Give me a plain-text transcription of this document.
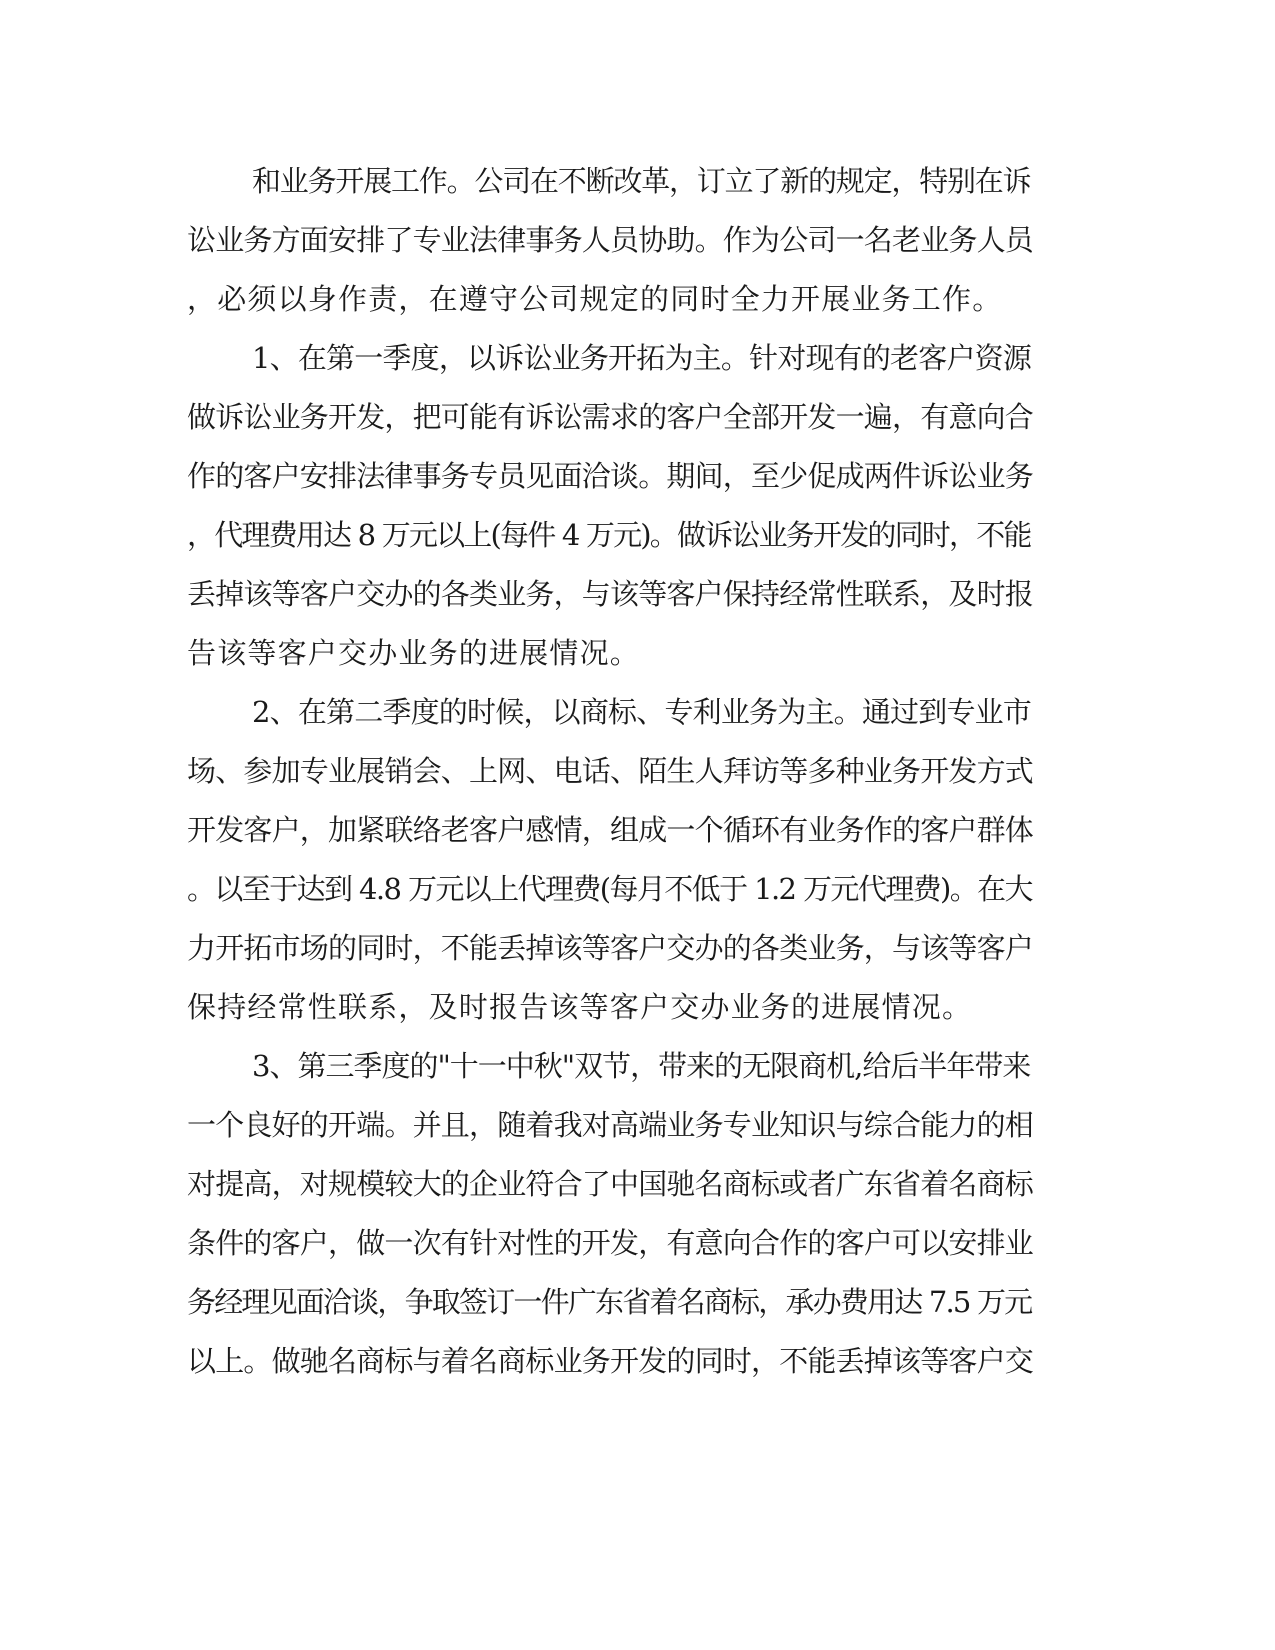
和业务开展工作。公司在不断改革，订立了新的规定，特别在诉
讼业务方面安排了专业法律事务人员协助。作为公司一名老业务人员
，必须以身作责，在遵守公司规定的同时全力开展业务工作。
1、在第一季度，以诉讼业务开拓为主。针对现有的老客户资源
做诉讼业务开发，把可能有诉讼需求的客户全部开发一遍，有意向合
作的客户安排法律事务专员见面洽谈。期间，至少促成两件诉讼业务
，代理费用达 8 万元以上(每件 4 万元)。做诉讼业务开发的同时，不能
丢掉该等客户交办的各类业务，与该等客户保持经常性联系，及时报
告该等客户交办业务的进展情况。
2、在第二季度的时候，以商标、专利业务为主。通过到专业市
场、参加专业展销会、上网、电话、陌生人拜访等多种业务开发方式
开发客户，加紧联络老客户感情，组成一个循环有业务作的客户群体
。以至于达到 4.8 万元以上代理费(每月不低于 1.2 万元代理费)。在大
力开拓市场的同时，不能丢掉该等客户交办的各类业务，与该等客户
保持经常性联系，及时报告该等客户交办业务的进展情况。
3、第三季度的"十一中秋"双节，带来的无限商机,给后半年带来
一个良好的开端。并且，随着我对高端业务专业知识与综合能力的相
对提高，对规模较大的企业符合了中国驰名商标或者广东省着名商标
条件的客户，做一次有针对性的开发，有意向合作的客户可以安排业
务经理见面洽谈，争取签订一件广东省着名商标，承办费用达 7.5 万元
以上。做驰名商标与着名商标业务开发的同时，不能丢掉该等客户交
